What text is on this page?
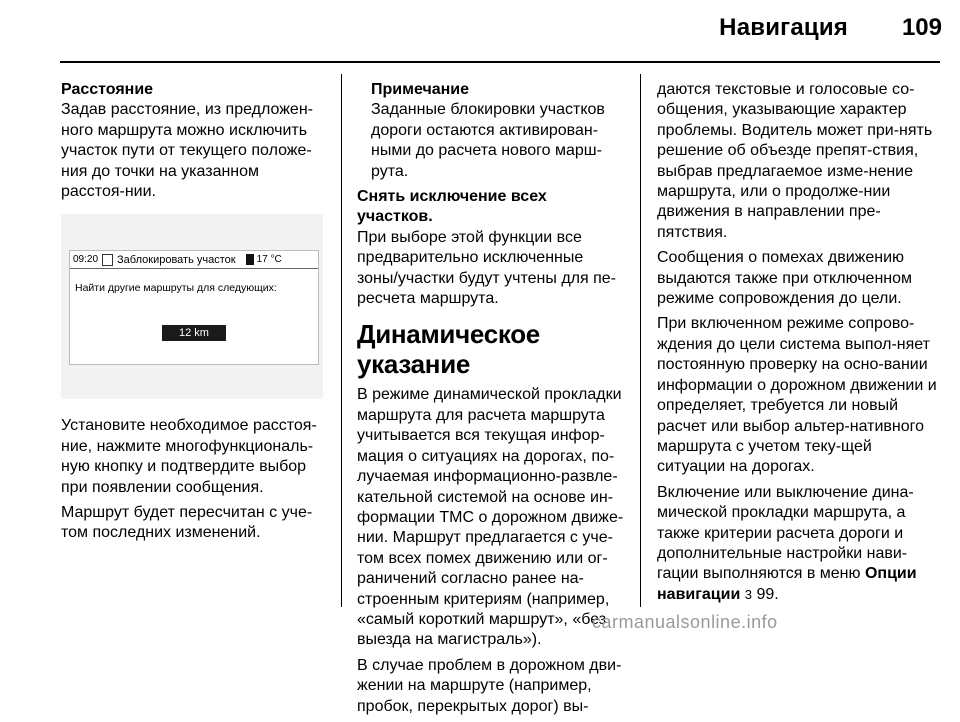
Навигация	109
Расстояние

Задав расстояние, из предложен-ного маршрута можно исключить участок пути от текущего положе-ния до точки на указанном расстоя-нии.

09:20 Заблокировать участок 17 °C
Найти другие маршруты для следующих:
12 km

Установите необходимое расстоя-ние, нажмите многофункциональ-ную кнопку и подтвердите выбор при появлении сообщения.

Маршрут будет пересчитан с уче-том последних изменений.

Примечание

Заданные блокировки участков дороги остаются активирован-ными до расчета нового марш-рута.

Снять исключение всех участков.

При выборе этой функции все предварительно исключенные зоны/участки будут учтены для пе-ресчета маршрута.

Динамическое указание

В режиме динамической прокладки маршрута для расчета маршрута учитывается вся текущая инфор-мация о ситуациях на дорогах, по-лучаемая информационно-развле-кательной системой на основе ин-формации TMC о дорожном движе-нии. Маршрут предлагается с уче-том всех помех движению или ог-раничений согласно ранее на-строенным критериям (например, «самый короткий маршрут», «без выезда на магистраль»).

В случае проблем в дорожном дви-жении на маршруте (например, пробок, перекрытых дорог) вы-

даются текстовые и голосовые со-общения, указывающие характер проблемы. Водитель может при-нять решение об объезде препят-ствия, выбрав предлагаемое изме-нение маршрута, или о продолже-нии движения в направлении пре-пятствия.

Сообщения о помехах движению выдаются также при отключенном режиме сопровождения до цели.

При включенном режиме сопрово-ждения до цели система выпол-няет постоянную проверку на осно-вании информации о дорожном движении и определяет, требуется ли новый расчет или выбор альтер-нативного маршрута с учетом теку-щей ситуации на дорогах.

Включение или выключение дина-мической прокладки маршрута, а также критерии расчета дороги и дополнительные настройки нави-гации выполняются в меню Опции навигации 3 99.

carmanualsonline.info
